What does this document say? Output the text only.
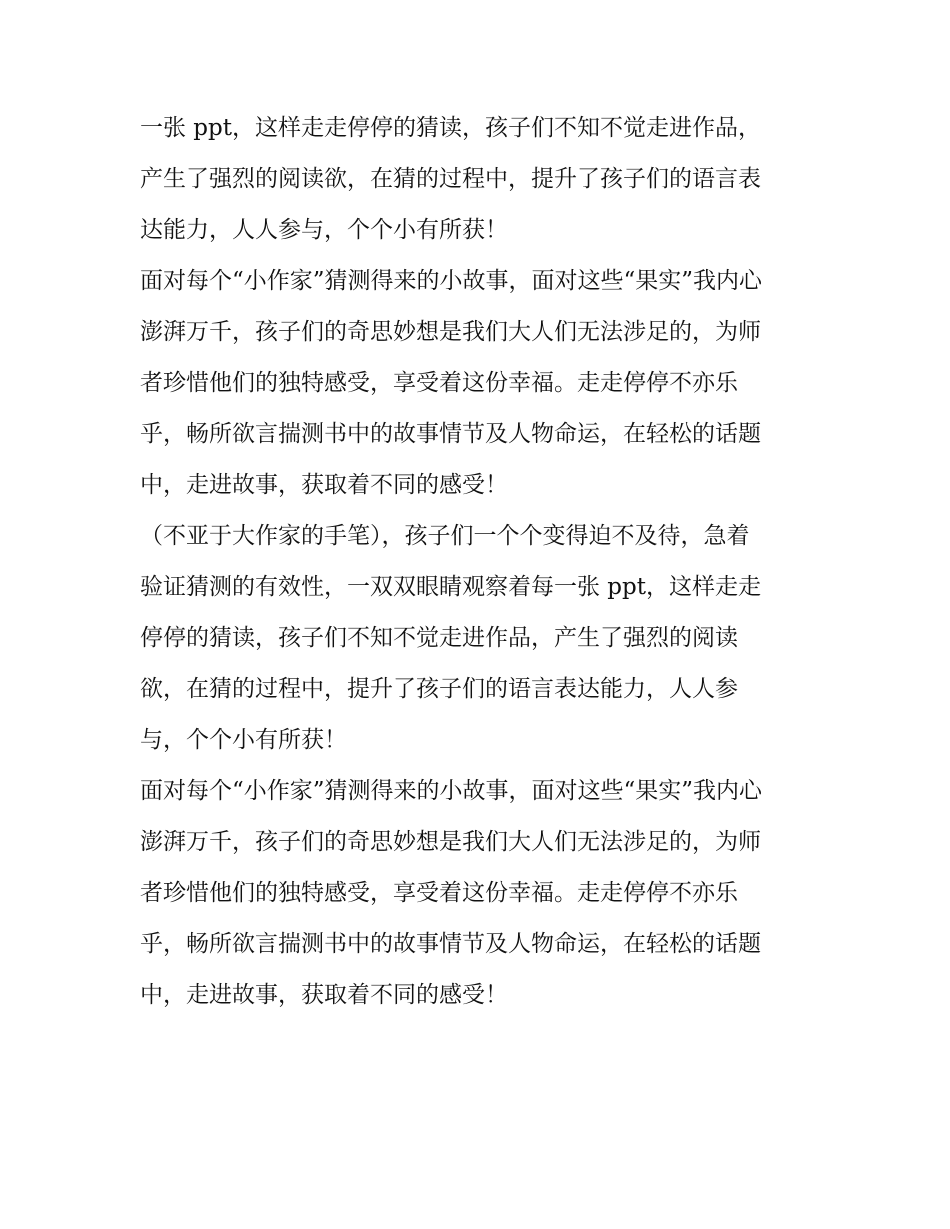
一张 ppt，这样走走停停的猜读，孩子们不知不觉走进作品，
产生了强烈的阅读欲，在猜的过程中，提升了孩子们的语言表
达能力，人人参与，个个小有所获！
面对每个“小作家”猜测得来的小故事，面对这些“果实”我内心
澎湃万千，孩子们的奇思妙想是我们大人们无法涉足的，为师
者珍惜他们的独特感受，享受着这份幸福。走走停停不亦乐
乎，畅所欲言揣测书中的故事情节及人物命运，在轻松的话题
中，走进故事，获取着不同的感受！
（不亚于大作家的手笔），孩子们一个个变得迫不及待，急着
验证猜测的有效性，一双双眼睛观察着每一张 ppt，这样走走
停停的猜读，孩子们不知不觉走进作品，产生了强烈的阅读
欲，在猜的过程中，提升了孩子们的语言表达能力，人人参
与，个个小有所获！
面对每个“小作家”猜测得来的小故事，面对这些“果实”我内心
澎湃万千，孩子们的奇思妙想是我们大人们无法涉足的，为师
者珍惜他们的独特感受，享受着这份幸福。走走停停不亦乐
乎，畅所欲言揣测书中的故事情节及人物命运，在轻松的话题
中，走进故事，获取着不同的感受！
